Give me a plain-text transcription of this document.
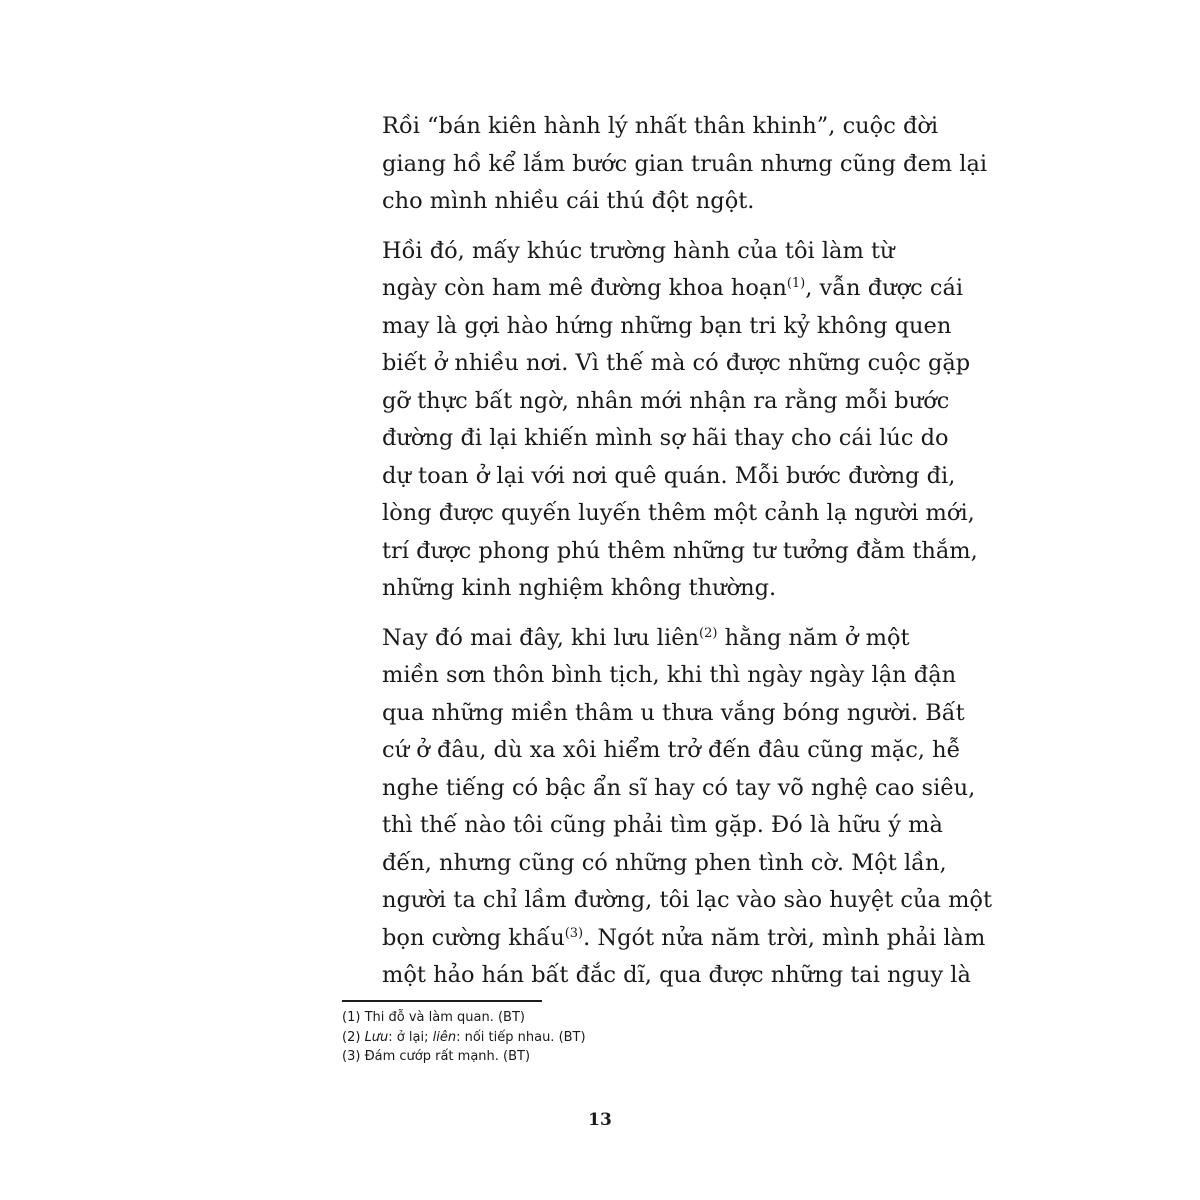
Rồi “bán kiên hành lý nhất thân khinh”, cuộc đời
giang hồ kể lắm bước gian truân nhưng cũng đem lại
cho mình nhiều cái thú đột ngột.

Hồi đó, mấy khúc trường hành của tôi làm từ
ngày còn ham mê đường khoa hoạn$^{(1)}$, vẫn được cái
may là gợi hào hứng những bạn tri kỷ không quen
biết ở nhiều nơi. Vì thế mà có được những cuộc gặp
gỡ thực bất ngờ, nhân mới nhận ra rằng mỗi bước
đường đi lại khiến mình sợ hãi thay cho cái lúc do
dự toan ở lại với nơi quê quán. Mỗi bước đường đi,
lòng được quyến luyến thêm một cảnh lạ người mới,
trí được phong phú thêm những tư tưởng đằm thắm,
những kinh nghiệm không thường.

Nay đó mai đây, khi lưu liên$^{(2)}$ hằng năm ở một
miền sơn thôn bình tịch, khi thì ngày ngày lận đận
qua những miền thâm u thưa vắng bóng người. Bất
cứ ở đâu, dù xa xôi hiểm trở đến đâu cũng mặc, hễ
nghe tiếng có bậc ẩn sĩ hay có tay võ nghệ cao siêu,
thì thế nào tôi cũng phải tìm gặp. Đó là hữu ý mà
đến, nhưng cũng có những phen tình cờ. Một lần,
người ta chỉ lầm đường, tôi lạc vào sào huyệt của một
bọn cường khấu$^{(3)}$. Ngót nửa năm trời, mình phải làm
một hảo hán bất đắc dĩ, qua được những tai nguy là

(1) Thi đỗ và làm quan. (BT)

(2) Lưu: ở lại; liên: nối tiếp nhau. (BT)

(3) Đám cướp rất mạnh. (BT)

13
